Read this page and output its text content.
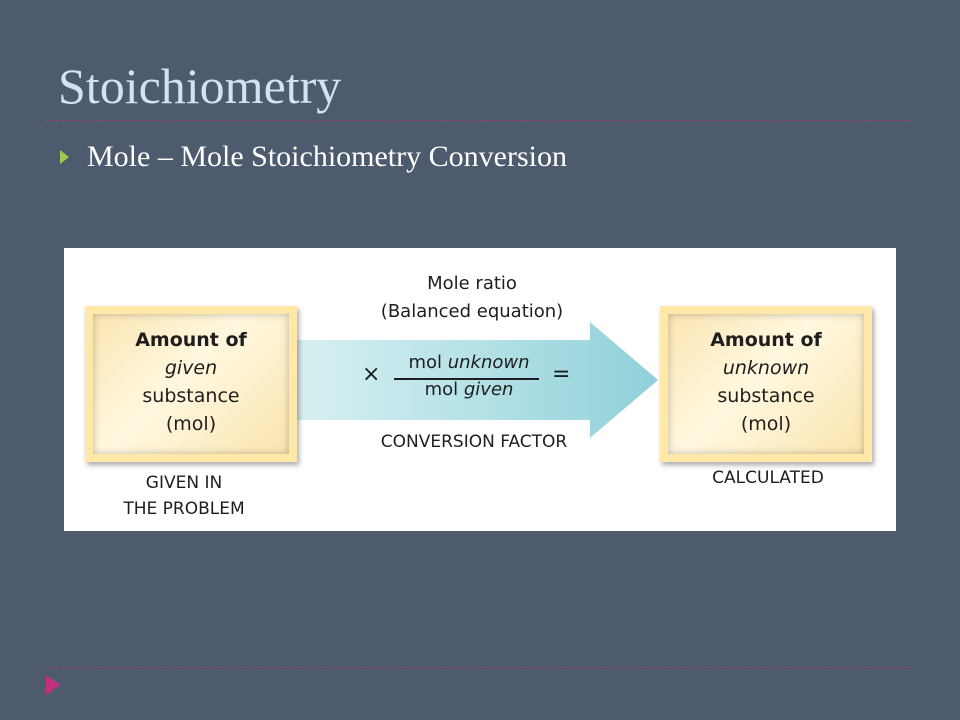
Stoichiometry
Mole – Mole Stoichiometry Conversion
Amount of
given
substance
(mol)
Amount of
unknown
substance
(mol)
Mole ratio
(Balanced equation)
×	mol unknown
mol given
=
CONVERSION FACTOR
GIVEN IN
THE PROBLEM
CALCULATED
